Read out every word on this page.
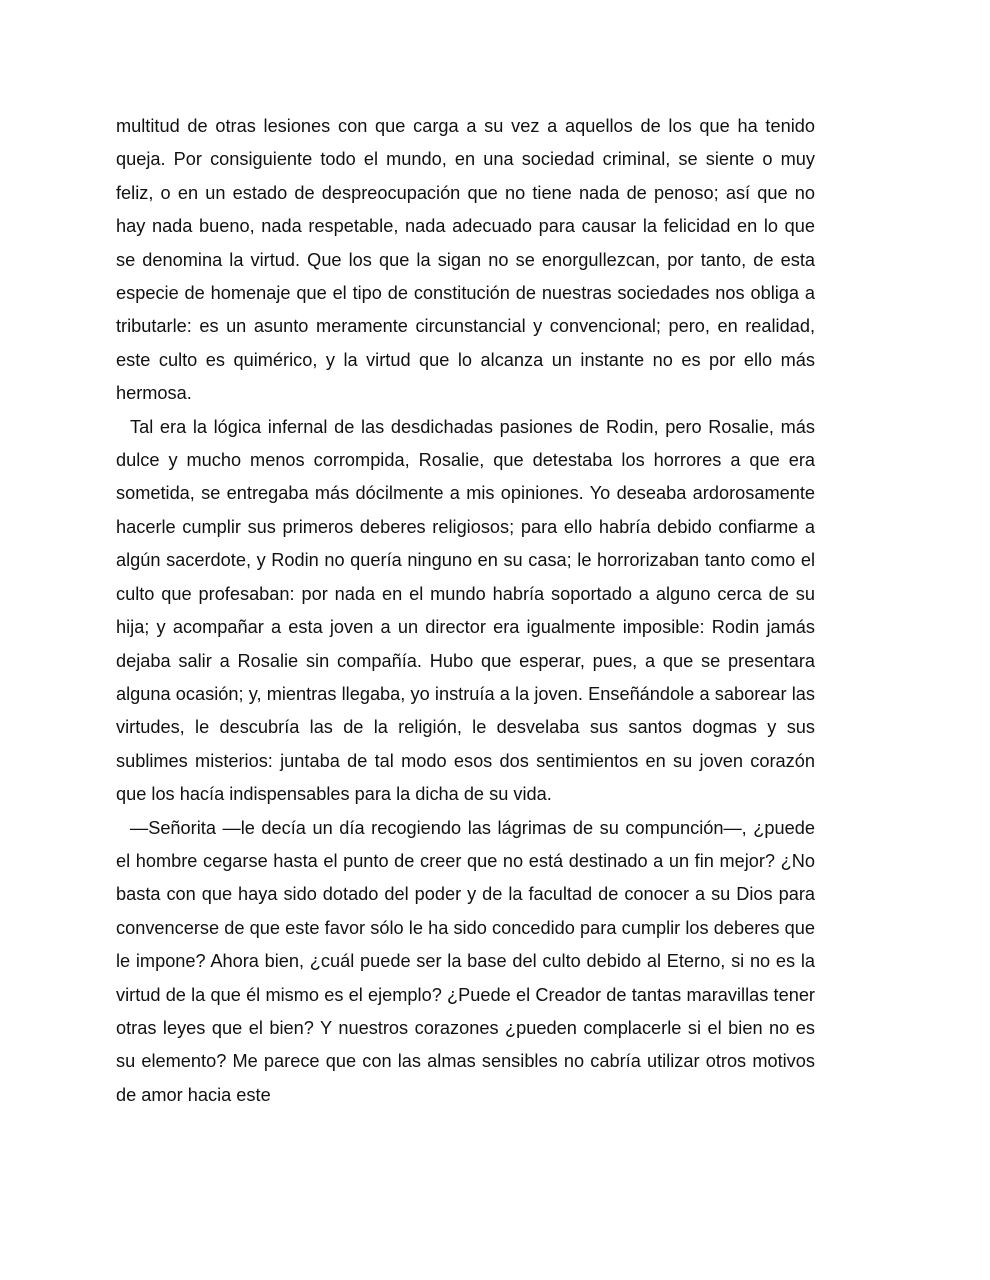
multitud de otras lesiones con que carga a su vez a aquellos de los que ha tenido queja. Por consiguiente todo el mundo, en una sociedad criminal, se siente o muy feliz, o en un estado de despreocupación que no tiene nada de penoso; así que no hay nada bueno, nada respetable, nada adecuado para causar la felicidad en lo que se denomina la virtud. Que los que la sigan no se enorgullezcan, por tanto, de esta especie de homenaje que el tipo de constitución de nuestras sociedades nos obliga a tributarle: es un asunto meramente circunstancial y convencional; pero, en realidad, este culto es quimérico, y la virtud que lo alcanza un instante no es por ello más hermosa.

Tal era la lógica infernal de las desdichadas pasiones de Rodin, pero Rosalie, más dulce y mucho menos corrompida, Rosalie, que detestaba los horrores a que era sometida, se entregaba más dócilmente a mis opiniones. Yo deseaba ardorosamente hacerle cumplir sus primeros deberes religiosos; para ello habría debido confiarme a algún sacerdote, y Rodin no quería ninguno en su casa; le horrorizaban tanto como el culto que profesaban: por nada en el mundo habría soportado a alguno cerca de su hija; y acompañar a esta joven a un director era igualmente imposible: Rodin jamás dejaba salir a Rosalie sin compañía. Hubo que esperar, pues, a que se presentara alguna ocasión; y, mientras llegaba, yo instruía a la joven. Enseñándole a saborear las virtudes, le descubría las de la religión, le desvelaba sus santos dogmas y sus sublimes misterios: juntaba de tal modo esos dos sentimientos en su joven corazón que los hacía indispensables para la dicha de su vida.

—Señorita —le decía un día recogiendo las lágrimas de su compunción—, ¿puede el hombre cegarse hasta el punto de creer que no está destinado a un fin mejor? ¿No basta con que haya sido dotado del poder y de la facultad de conocer a su Dios para convencerse de que este favor sólo le ha sido concedido para cumplir los deberes que le impone? Ahora bien, ¿cuál puede ser la base del culto debido al Eterno, si no es la virtud de la que él mismo es el ejemplo? ¿Puede el Creador de tantas maravillas tener otras leyes que el bien? Y nuestros corazones ¿pueden complacerle si el bien no es su elemento? Me parece que con las almas sensibles no cabría utilizar otros motivos de amor hacia este
